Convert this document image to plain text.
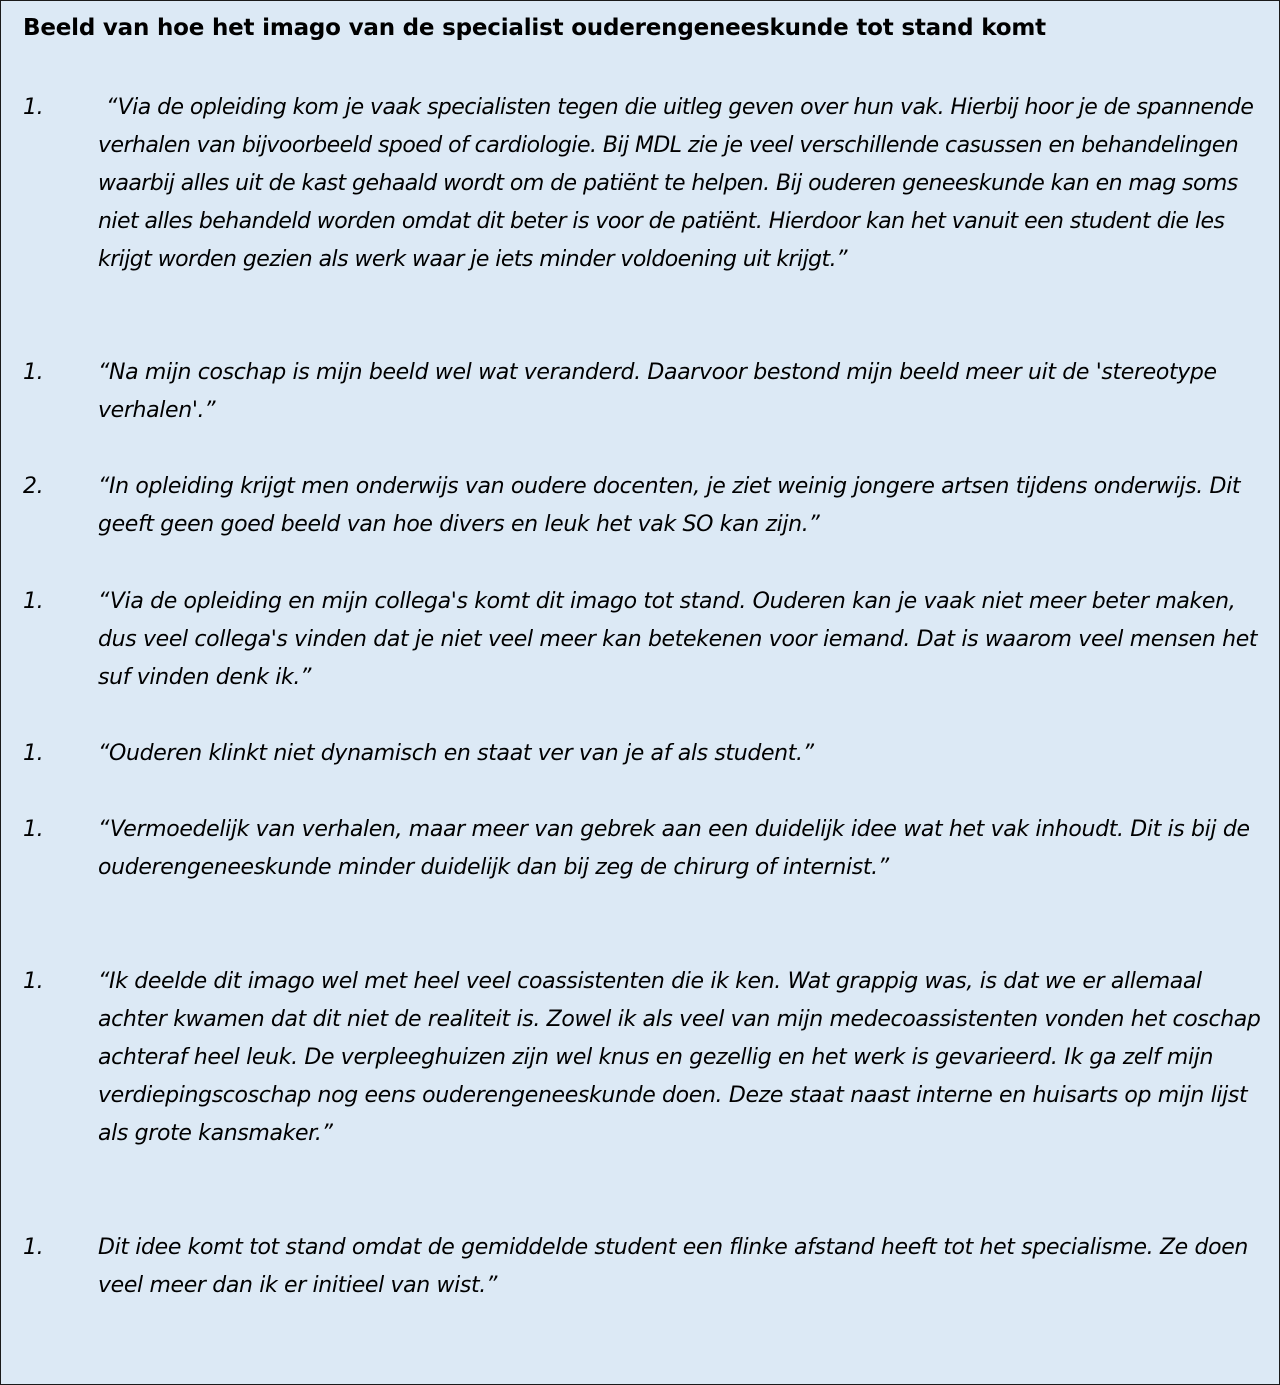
Beeld van hoe het imago van de specialist ouderengeneeskunde tot stand komt
1.	“Via de opleiding kom je vaak specialisten tegen die uitleg geven over hun vak. Hierbij hoor je de spannende verhalen van bijvoorbeeld spoed of cardiologie. Bij MDL zie je veel verschillende casussen en behandelingen waarbij alles uit de kast gehaald wordt om de patiënt te helpen. Bij ouderen geneeskunde kan en mag soms niet alles behandeld worden omdat dit beter is voor de patiënt. Hierdoor kan het vanuit een student die les krijgt worden gezien als werk waar je iets minder voldoening uit krijgt.”
1. “Na mijn coschap is mijn beeld wel wat veranderd. Daarvoor bestond mijn beeld meer uit de 'stereotype verhalen'.”
2. “In opleiding krijgt men onderwijs van oudere docenten, je ziet weinig jongere artsen tijdens onderwijs. Dit geeft geen goed beeld van hoe divers en leuk het vak SO kan zijn.”
1. “Via de opleiding en mijn collega's komt dit imago tot stand. Ouderen kan je vaak niet meer beter maken, dus veel collega's vinden dat je niet veel meer kan betekenen voor iemand. Dat is waarom veel mensen het suf vinden denk ik.”
1. “Ouderen klinkt niet dynamisch en staat ver van je af als student.”
1. “Vermoedelijk van verhalen, maar meer van gebrek aan een duidelijk idee wat het vak inhoudt. Dit is bij de ouderengeneeskunde minder duidelijk dan bij zeg de chirurg of internist.”
1. “Ik deelde dit imago wel met heel veel coassistenten die ik ken. Wat grappig was, is dat we er allemaal achter kwamen dat dit niet de realiteit is. Zowel ik als veel van mijn medecoassistenten vonden het coschap achteraf heel leuk. De verpleeghuizen zijn wel knus en gezellig en het werk is gevarieerd. Ik ga zelf mijn verdiepingscoschap nog eens ouderengeneeskunde doen. Deze staat naast interne en huisarts op mijn lijst als grote kansmaker.”
1. Dit idee komt tot stand omdat de gemiddelde student een flinke afstand heeft tot het specialisme. Ze doen veel meer dan ik er initieel van wist.”
